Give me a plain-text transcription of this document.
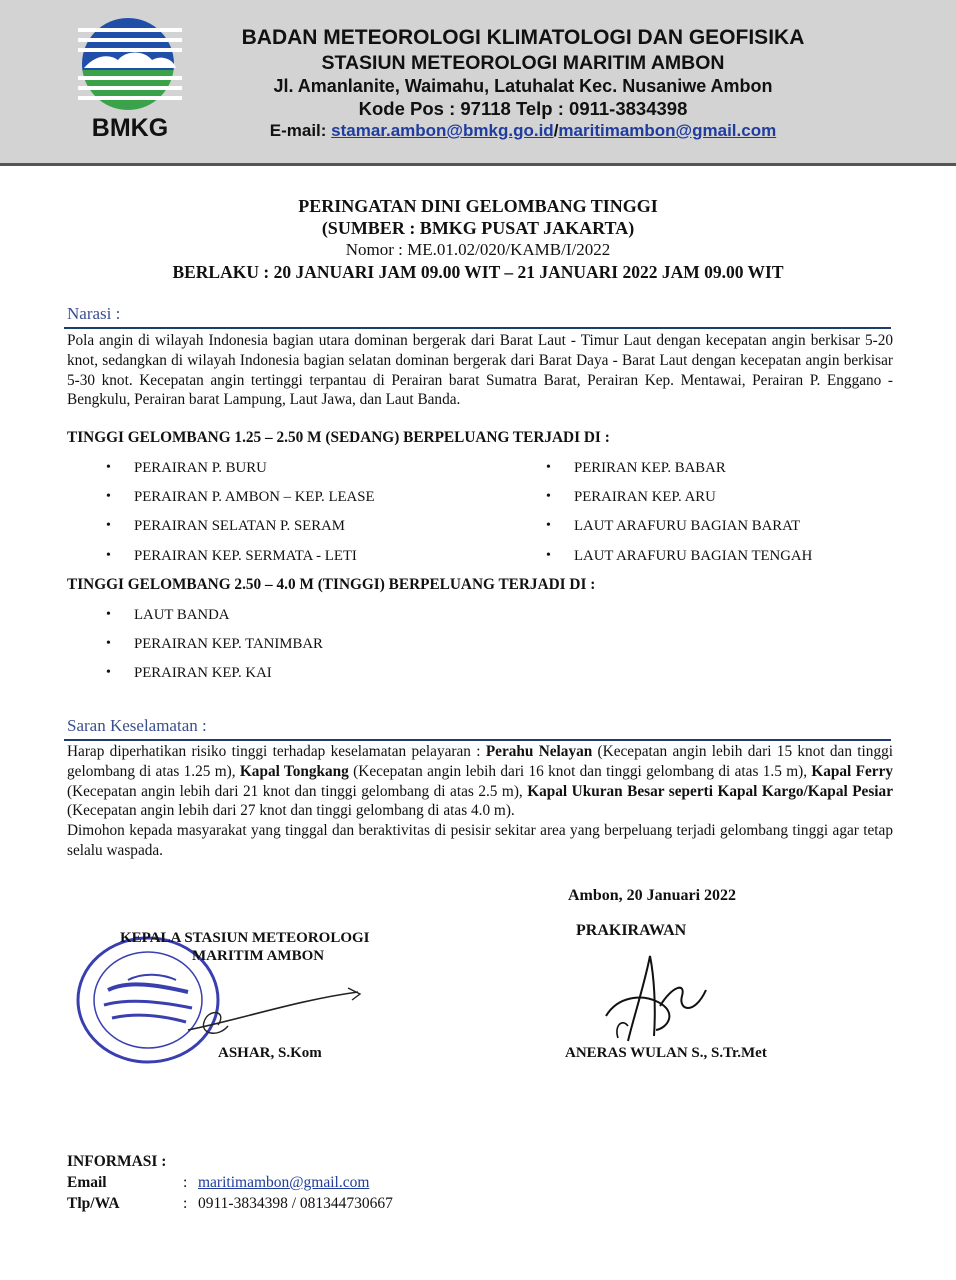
BMKG
BADAN METEOROLOGI KLIMATOLOGI DAN GEOFISIKA
STASIUN METEOROLOGI MARITIM AMBON
Jl. Amanlanite, Waimahu, Latuhalat Kec. Nusaniwe Ambon
Kode Pos : 97118 Telp : 0911-3834398
E-mail: stamar.ambon@bmkg.go.id/maritimambon@gmail.com
PERINGATAN DINI GELOMBANG TINGGI
(SUMBER : BMKG PUSAT JAKARTA)
Nomor : ME.01.02/020/KAMB/I/2022
BERLAKU : 20 JANUARI JAM 09.00 WIT – 21 JANUARI 2022 JAM 09.00 WIT
Narasi :
Pola angin di wilayah Indonesia bagian utara dominan bergerak dari Barat Laut - Timur Laut dengan kecepatan angin berkisar 5-20 knot, sedangkan di wilayah Indonesia bagian selatan dominan bergerak dari Barat Daya - Barat Laut dengan kecepatan angin berkisar 5-30 knot. Kecepatan angin tertinggi terpantau di Perairan barat Sumatra Barat, Perairan Kep. Mentawai, Perairan P. Enggano - Bengkulu, Perairan barat Lampung, Laut Jawa, dan Laut Banda.
TINGGI GELOMBANG 1.25 – 2.50 M (SEDANG) BERPELUANG TERJADI DI :
• PERAIRAN P. BURU
• PERAIRAN P. AMBON – KEP. LEASE
• PERAIRAN SELATAN P. SERAM
• PERAIRAN KEP. SERMATA - LETI
• PERIRAN KEP. BABAR
• PERAIRAN KEP. ARU
• LAUT ARAFURU BAGIAN BARAT
• LAUT ARAFURU BAGIAN TENGAH
TINGGI GELOMBANG 2.50 – 4.0 M (TINGGI) BERPELUANG TERJADI DI :
• LAUT BANDA
• PERAIRAN KEP. TANIMBAR
• PERAIRAN KEP. KAI
Saran Keselamatan :
Harap diperhatikan risiko tinggi terhadap keselamatan pelayaran : Perahu Nelayan (Kecepatan angin lebih dari 15 knot dan tinggi gelombang di atas 1.25 m), Kapal Tongkang (Kecepatan angin lebih dari 16 knot dan tinggi gelombang di atas 1.5 m), Kapal Ferry (Kecepatan angin lebih dari 21 knot dan tinggi gelombang di atas 2.5 m), Kapal Ukuran Besar seperti Kapal Kargo/Kapal Pesiar (Kecepatan angin lebih dari 27 knot dan tinggi gelombang di atas 4.0 m).
Dimohon kepada masyarakat yang tinggal dan beraktivitas di pesisir sekitar area yang berpeluang terjadi gelombang tinggi agar tetap selalu waspada.
Ambon, 20 Januari 2022
PRAKIRAWAN
KEPALA STASIUN METEOROLOGI
MARITIM AMBON
ASHAR, S.Kom	ANERAS WULAN S., S.Tr.Met
INFORMASI :
Email	: maritimambon@gmail.com
Tlp/WA	: 0911-3834398 / 081344730667
